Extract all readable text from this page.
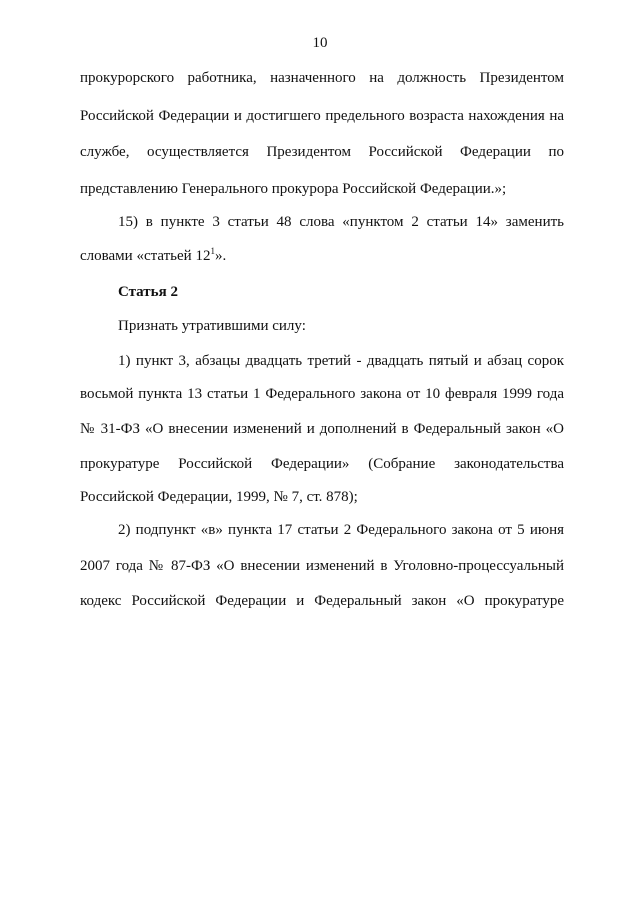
10
прокурорского работника, назначенного на должность Президентом
Российской Федерации и достигшего предельного возраста нахождения на
службе, осуществляется Президентом Российской Федерации по
представлению Генерального прокурора Российской Федерации.»;
15) в пункте 3 статьи 48 слова «пунктом 2 статьи 14» заменить
словами «статьей $12^1$».
Статья 2
Признать утратившими силу:
1) пункт 3, абзацы двадцать третий - двадцать пятый и абзац сорок
восьмой пункта 13 статьи 1 Федерального закона от 10 февраля 1999 года
№ 31-ФЗ «О внесении изменений и дополнений в Федеральный закон «О
прокуратуре Российской Федерации» (Собрание законодательства
Российской Федерации, 1999, № 7, ст. 878);
2) подпункт «в» пункта 17 статьи 2 Федерального закона от 5 июня
2007 года № 87-ФЗ «О внесении изменений в Уголовно-процессуальный
кодекс Российской Федерации и Федеральный закон «О прокуратуре
